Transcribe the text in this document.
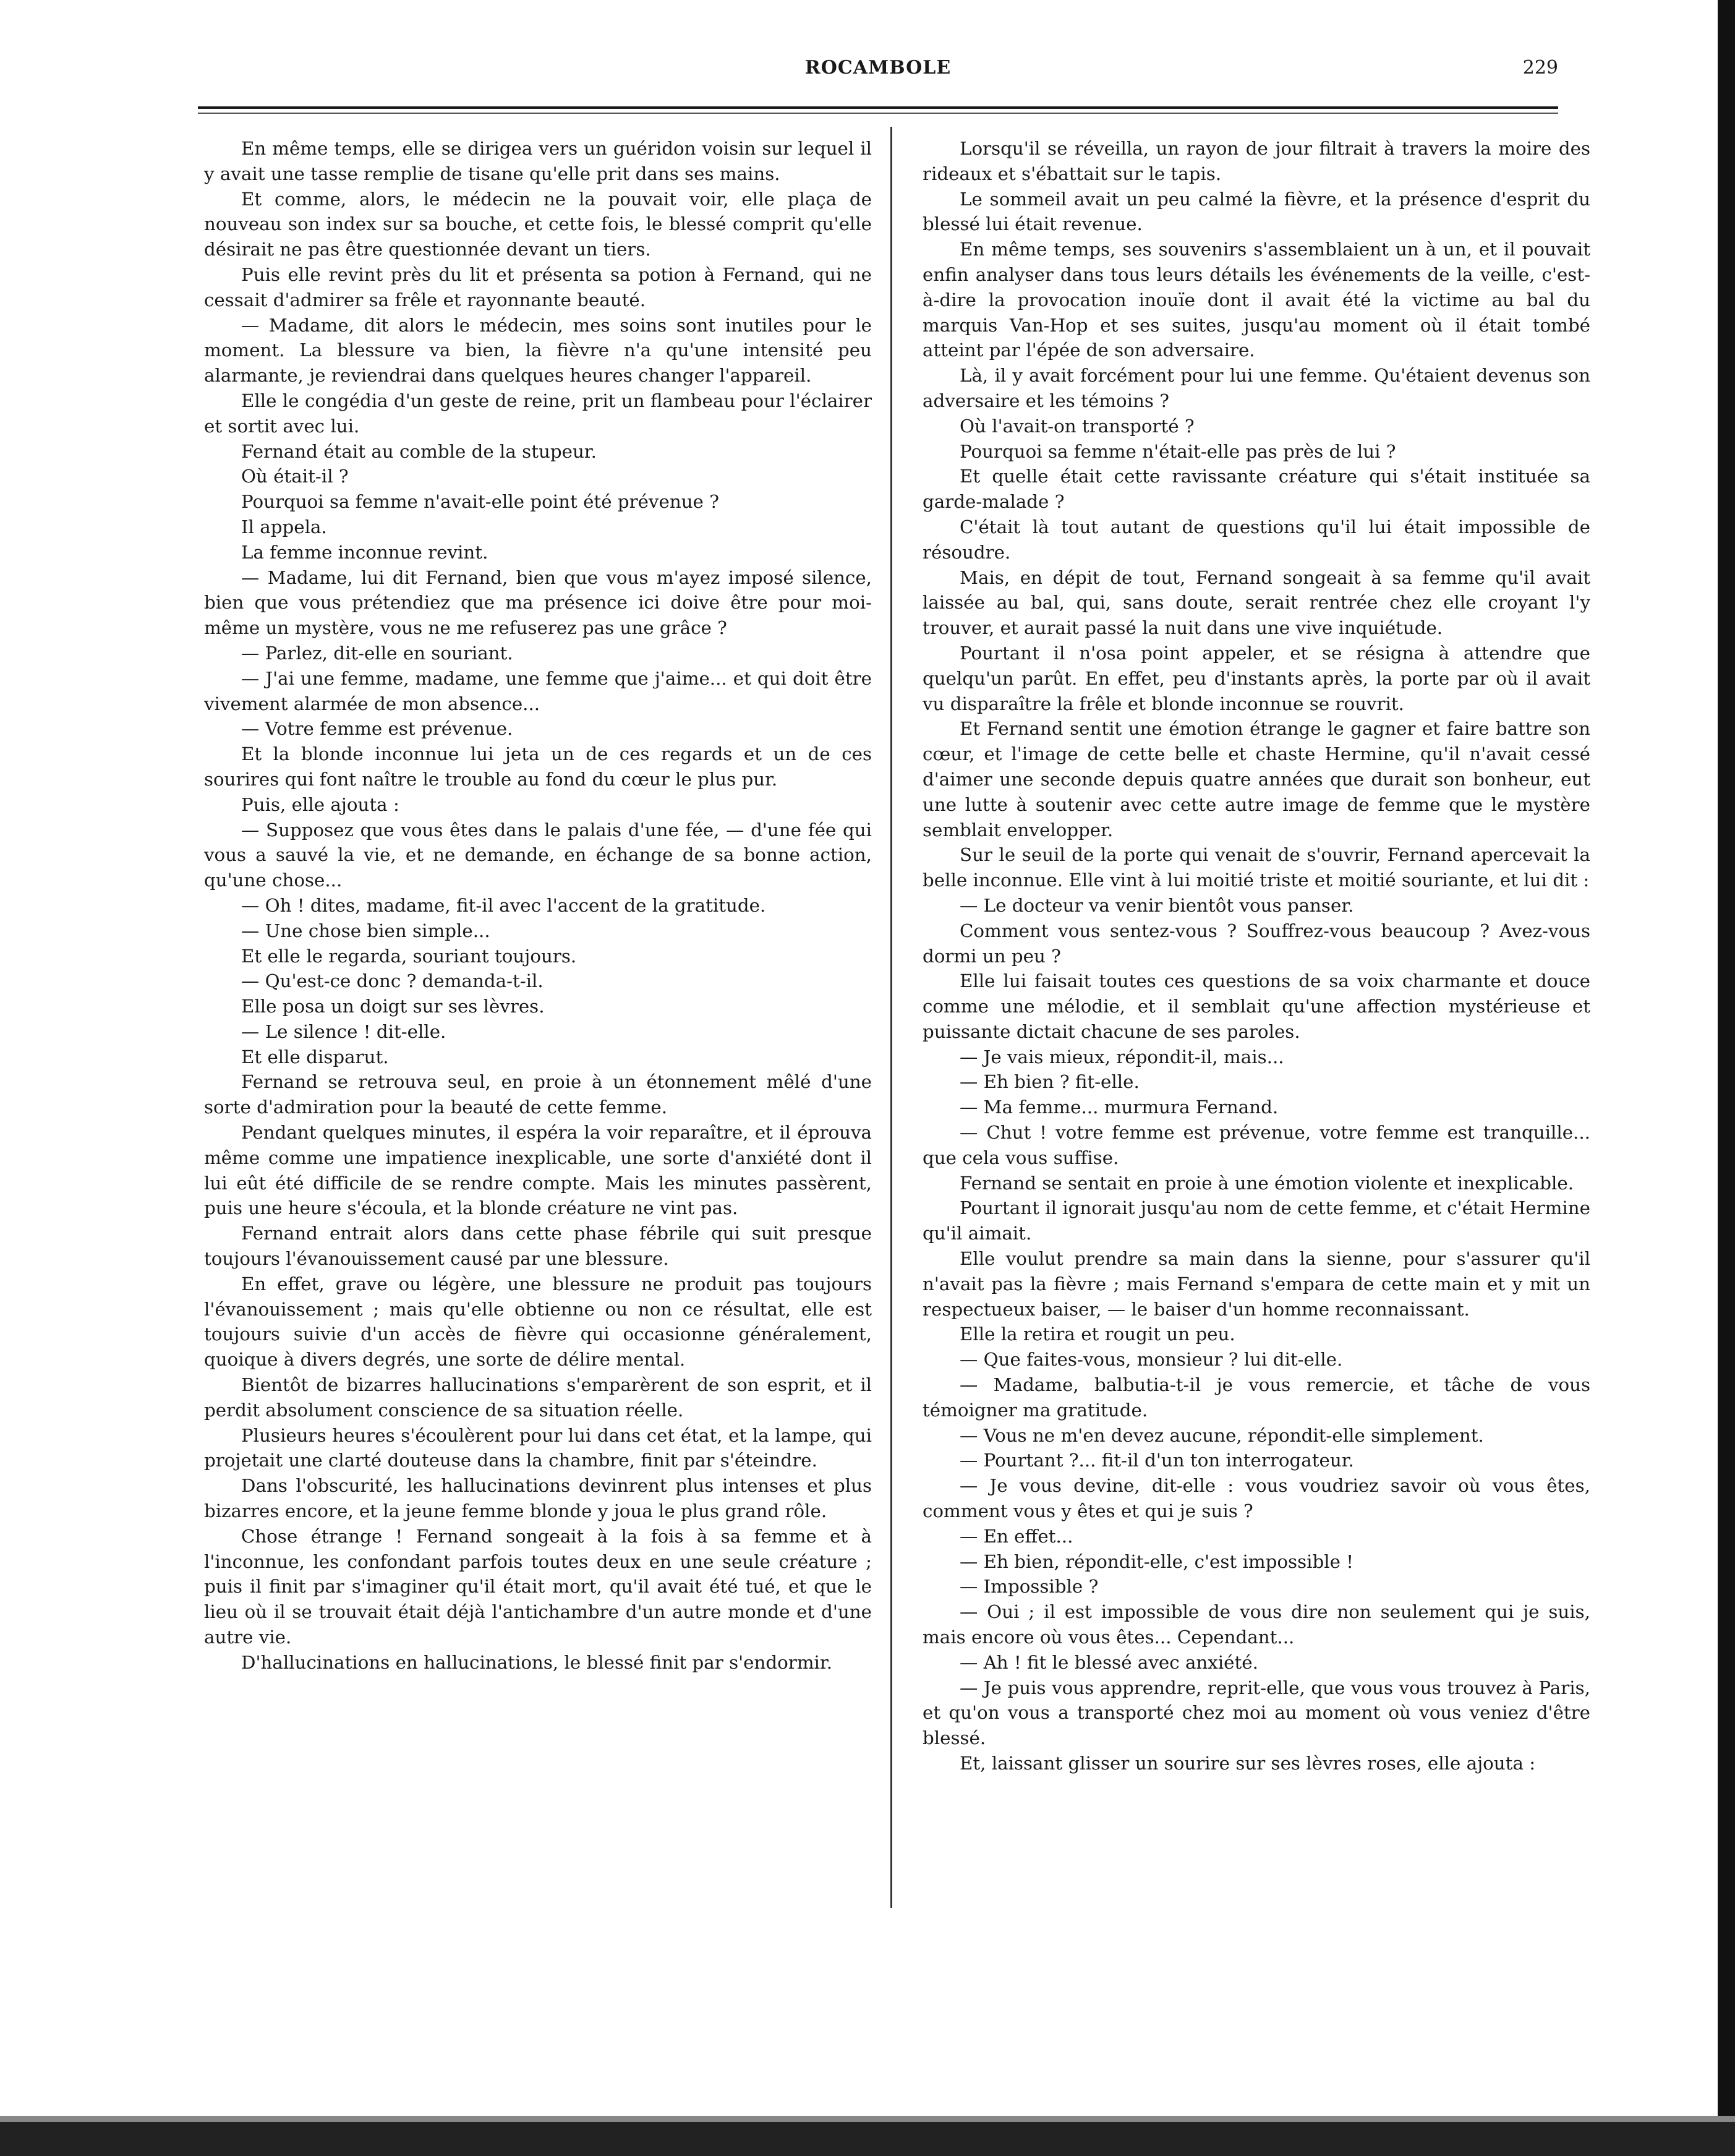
ROCAMBOLE	229

En même temps, elle se dirigea vers un guéridon voisin sur lequel il y avait une tasse remplie de tisane qu'elle prit dans ses mains.

Et comme, alors, le médecin ne la pouvait voir, elle plaça de nouveau son index sur sa bouche, et cette fois, le blessé comprit qu'elle désirait ne pas être questionnée devant un tiers.

Puis elle revint près du lit et présenta sa potion à Fernand, qui ne cessait d'admirer sa frêle et rayonnante beauté.

— Madame, dit alors le médecin, mes soins sont inutiles pour le moment. La blessure va bien, la fièvre n'a qu'une intensité peu alarmante, je reviendrai dans quelques heures changer l'appareil.

Elle le congédia d'un geste de reine, prit un flambeau pour l'éclairer et sortit avec lui.

Fernand était au comble de la stupeur.

Où était-il ?

Pourquoi sa femme n'avait-elle point été prévenue ?

Il appela.

La femme inconnue revint.

— Madame, lui dit Fernand, bien que vous m'ayez imposé silence, bien que vous prétendiez que ma présence ici doive être pour moi-même un mystère, vous ne me refuserez pas une grâce ?

— Parlez, dit-elle en souriant.

— J'ai une femme, madame, une femme que j'aime... et qui doit être vivement alarmée de mon absence...

— Votre femme est prévenue.

Et la blonde inconnue lui jeta un de ces regards et un de ces sourires qui font naître le trouble au fond du cœur le plus pur.

Puis, elle ajouta :

— Supposez que vous êtes dans le palais d'une fée, — d'une fée qui vous a sauvé la vie, et ne demande, en échange de sa bonne action, qu'une chose...

— Oh ! dites, madame, fit-il avec l'accent de la gratitude.

— Une chose bien simple...

Et elle le regarda, souriant toujours.

— Qu'est-ce donc ? demanda-t-il.

Elle posa un doigt sur ses lèvres.

— Le silence ! dit-elle.

Et elle disparut.

Fernand se retrouva seul, en proie à un étonnement mêlé d'une sorte d'admiration pour la beauté de cette femme.

Pendant quelques minutes, il espéra la voir reparaître, et il éprouva même comme une impatience inexplicable, une sorte d'anxiété dont il lui eût été difficile de se rendre compte. Mais les minutes passèrent, puis une heure s'écoula, et la blonde créature ne vint pas.

Fernand entrait alors dans cette phase fébrile qui suit presque toujours l'évanouissement causé par une blessure.

En effet, grave ou légère, une blessure ne produit pas toujours l'évanouissement ; mais qu'elle obtienne ou non ce résultat, elle est toujours suivie d'un accès de fièvre qui occasionne généralement, quoique à divers degrés, une sorte de délire mental.

Bientôt de bizarres hallucinations s'emparèrent de son esprit, et il perdit absolument conscience de sa situation réelle.

Plusieurs heures s'écoulèrent pour lui dans cet état, et la lampe, qui projetait une clarté douteuse dans la chambre, finit par s'éteindre.

Dans l'obscurité, les hallucinations devinrent plus intenses et plus bizarres encore, et la jeune femme blonde y joua le plus grand rôle.

Chose étrange ! Fernand songeait à la fois à sa femme et à l'inconnue, les confondant parfois toutes deux en une seule créature ; puis il finit par s'imaginer qu'il était mort, qu'il avait été tué, et que le lieu où il se trouvait était déjà l'antichambre d'un autre monde et d'une autre vie.

D'hallucinations en hallucinations, le blessé finit par s'endormir.

Lorsqu'il se réveilla, un rayon de jour filtrait à travers la moire des rideaux et s'ébattait sur le tapis.

Le sommeil avait un peu calmé la fièvre, et la présence d'esprit du blessé lui était revenue.

En même temps, ses souvenirs s'assemblaient un à un, et il pouvait enfin analyser dans tous leurs détails les événements de la veille, c'est-à-dire la provocation inouïe dont il avait été la victime au bal du marquis Van-Hop et ses suites, jusqu'au moment où il était tombé atteint par l'épée de son adversaire.

Là, il y avait forcément pour lui une femme. Qu'étaient devenus son adversaire et les témoins ?

Où l'avait-on transporté ?

Pourquoi sa femme n'était-elle pas près de lui ?

Et quelle était cette ravissante créature qui s'était instituée sa garde-malade ?

C'était là tout autant de questions qu'il lui était impossible de résoudre.

Mais, en dépit de tout, Fernand songeait à sa femme qu'il avait laissée au bal, qui, sans doute, serait rentrée chez elle croyant l'y trouver, et aurait passé la nuit dans une vive inquiétude.

Pourtant il n'osa point appeler, et se résigna à attendre que quelqu'un parût. En effet, peu d'instants après, la porte par où il avait vu disparaître la frêle et blonde inconnue se rouvrit.

Et Fernand sentit une émotion étrange le gagner et faire battre son cœur, et l'image de cette belle et chaste Hermine, qu'il n'avait cessé d'aimer une seconde depuis quatre années que durait son bonheur, eut une lutte à soutenir avec cette autre image de femme que le mystère semblait envelopper.

Sur le seuil de la porte qui venait de s'ouvrir, Fernand apercevait la belle inconnue. Elle vint à lui moitié triste et moitié souriante, et lui dit :

— Le docteur va venir bientôt vous panser.

Comment vous sentez-vous ? Souffrez-vous beaucoup ? Avez-vous dormi un peu ?

Elle lui faisait toutes ces questions de sa voix charmante et douce comme une mélodie, et il semblait qu'une affection mystérieuse et puissante dictait chacune de ses paroles.

— Je vais mieux, répondit-il, mais...

— Eh bien ? fit-elle.

— Ma femme... murmura Fernand.

— Chut ! votre femme est prévenue, votre femme est tranquille... que cela vous suffise.

Fernand se sentait en proie à une émotion violente et inexplicable.

Pourtant il ignorait jusqu'au nom de cette femme, et c'était Hermine qu'il aimait.

Elle voulut prendre sa main dans la sienne, pour s'assurer qu'il n'avait pas la fièvre ; mais Fernand s'empara de cette main et y mit un respectueux baiser, — le baiser d'un homme reconnaissant.

Elle la retira et rougit un peu.

— Que faites-vous, monsieur ? lui dit-elle.

— Madame, balbutia-t-il je vous remercie, et tâche de vous témoigner ma gratitude.

— Vous ne m'en devez aucune, répondit-elle simplement.

— Pourtant ?... fit-il d'un ton interrogateur.

— Je vous devine, dit-elle : vous voudriez savoir où vous êtes, comment vous y êtes et qui je suis ?

— En effet...

— Eh bien, répondit-elle, c'est impossible !

— Impossible ?

— Oui ; il est impossible de vous dire non seulement qui je suis, mais encore où vous êtes... Cependant...

— Ah ! fit le blessé avec anxiété.

— Je puis vous apprendre, reprit-elle, que vous vous trouvez à Paris, et qu'on vous a transporté chez moi au moment où vous veniez d'être blessé.

Et, laissant glisser un sourire sur ses lèvres roses, elle ajouta :
